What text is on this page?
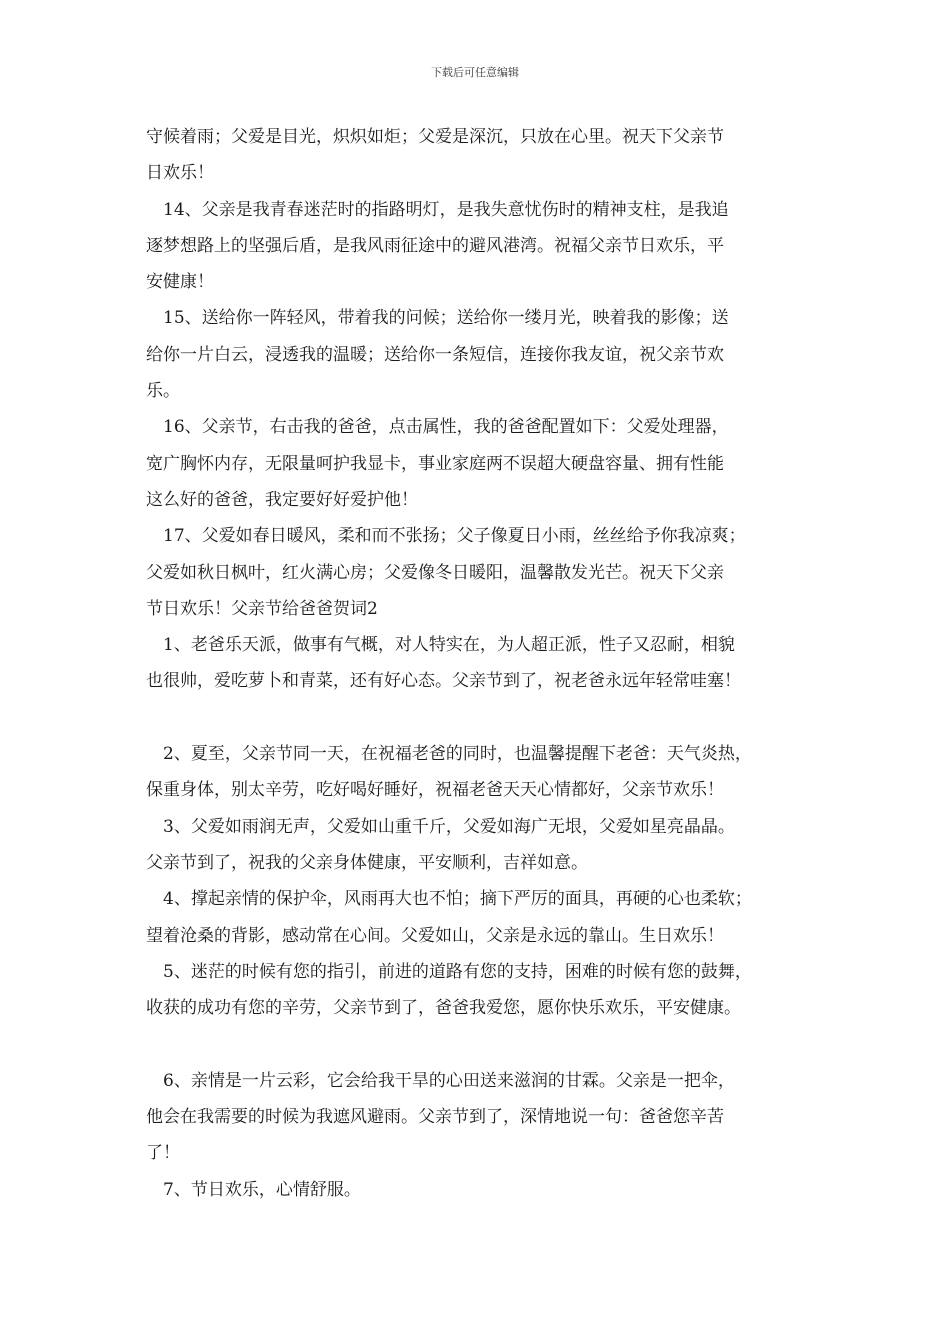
下载后可任意编辑
守候着雨；父爱是目光，炽炽如炬；父爱是深沉，只放在心里。祝天下父亲节
日欢乐！
14、父亲是我青春迷茫时的指路明灯，是我失意忧伤时的精神支柱，是我追
逐梦想路上的坚强后盾，是我风雨征途中的避风港湾。祝福父亲节日欢乐，平
安健康！
15、送给你一阵轻风，带着我的问候；送给你一缕月光，映着我的影像；送
给你一片白云，浸透我的温暖；送给你一条短信，连接你我友谊，祝父亲节欢
乐。
16、父亲节，右击我的爸爸，点击属性，我的爸爸配置如下：父爱处理器，
宽广胸怀内存，无限量呵护我显卡，事业家庭两不误超大硬盘容量、拥有性能
这么好的爸爸，我定要好好爱护他！
17、父爱如春日暖风，柔和而不张扬；父子像夏日小雨，丝丝给予你我凉爽；
父爱如秋日枫叶，红火满心房；父爱像冬日暖阳，温馨散发光芒。祝天下父亲
节日欢乐！父亲节给爸爸贺词2
1、老爸乐天派，做事有气概，对人特实在，为人超正派，性子又忍耐，相貌
也很帅，爱吃萝卜和青菜，还有好心态。父亲节到了，祝老爸永远年轻常哇塞！
2、夏至，父亲节同一天，在祝福老爸的同时，也温馨提醒下老爸：天气炎热，
保重身体，别太辛劳，吃好喝好睡好，祝福老爸天天心情都好，父亲节欢乐！
3、父爱如雨润无声，父爱如山重千斤，父爱如海广无垠，父爱如星亮晶晶。
父亲节到了，祝我的父亲身体健康，平安顺利，吉祥如意。
4、撑起亲情的保护伞，风雨再大也不怕；摘下严厉的面具，再硬的心也柔软；
望着沧桑的背影，感动常在心间。父爱如山，父亲是永远的靠山。生日欢乐！
5、迷茫的时候有您的指引，前进的道路有您的支持，困难的时候有您的鼓舞，
收获的成功有您的辛劳，父亲节到了，爸爸我爱您，愿你快乐欢乐，平安健康。
6、亲情是一片云彩，它会给我干旱的心田送来滋润的甘霖。父亲是一把伞，
他会在我需要的时候为我遮风避雨。父亲节到了，深情地说一句：爸爸您辛苦
了！
7、节日欢乐，心情舒服。
